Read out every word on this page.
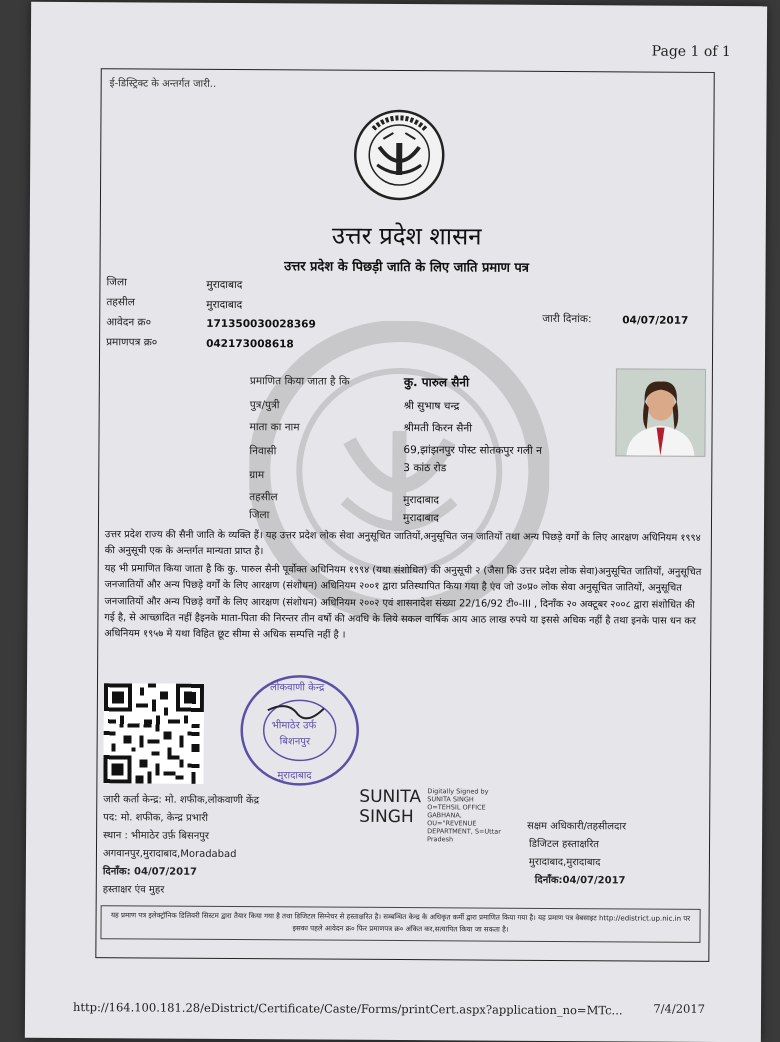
Page 1 of 1
ई-डिस्ट्रिक्ट के अन्तर्गत जारी..
उत्तर प्रदेश शासन
उत्तर प्रदेश के पिछड़ी जाति के लिए जाति प्रमाण पत्र
जिला	मुरादाबाद
तहसील	मुरादाबाद
आवेदन क्र०	171350030028369
प्रमाणपत्र क्र०	042173008618
जारी दिनांक:	04/07/2017
प्रमाणित किया जाता है कि	कु. पारुल सैनी
पुत्र/पुत्री	श्री सुभाष चन्द्र
माता का नाम	श्रीमती किरन सैनी
निवासी	69,झांझनपुर पोस्ट सोतकपुर गली न
3 कांठ रोड
ग्राम
तहसील	मुरादाबाद
जिला	मुरादाबाद
उत्तर प्रदेश राज्य की सैनी जाति के व्यक्ति हैं। यह उत्तर प्रदेश लोक सेवा अनुसूचित जातियों,अनुसूचित जन जातियों तथा अन्य पिछड़े वर्गों के लिए आरक्षण अधिनियम १९९४ की अनुसूची एक के अन्तर्गत मान्यता प्राप्त है।
यह भी प्रमाणित किया जाता है कि कु. पारुल सैनी पूर्वोक्त अधिनियम १९९४ (यथा संशोधित) की अनुसूची २ (जैसा कि उत्तर प्रदेश लोक सेवा)अनुसूचित जातियों, अनुसूचित जनजातियों और अन्य पिछड़े वर्गों के लिए आरक्षण (संशोधन) अधिनियम २००१ द्वारा प्रतिस्थापित किया गया है एंव जो उ०प्र० लोक सेवा अनुसूचित जातियों, अनुसूचित जनजातियों और अन्य पिछड़े वर्गों के लिए आरक्षण (संशोधन) अधिनियम २००२ एवं शासनादेश संख्या 22/16/92 टी०-III , दिनाँक २० अक्टूबर २००८ द्वारा संशोधित की गई है, से आच्छादित नहीं हैइनके माता-पिता की निरन्तर तीन वर्षो की अवधि के लिये सकल वार्षिक आय आठ लाख रुपये या इससे अधिक नहीं है तथा इनके पास धन कर अधिनियम १९५७ मे यथा विहित छूट सीमा से अधिक सम्पत्ति नहीं है ।
लोकवाणी केन्द्र
भीमाठेर उर्फ
बिशनपुर
मुरादाबाद
जारी कर्ता केन्द्र: मो. शफीक,लोकवाणी केंद्र
पद: मो. शफीक, केन्द्र प्रभारी
स्थान : भीमाठेर उर्फ़ बिसनपुर
अगवानपुर,मुरादाबाद,Moradabad
दिनाँक: 04/07/2017
हस्ताक्षर एंव मुहर
SUNITA
SINGH
Digitally Signed by
SUNITA SINGH
O=TEHSIL OFFICE
GABHANA,
OU="REVENUE
DEPARTMENT, S=Uttar
Pradesh
सक्षम अधिकारी/तहसीलदार
डिजिटल हस्ताक्षरित
मुरादाबाद,मुरादाबाद
दिनाँक:04/07/2017
यह प्रमाण पत्र इलेक्ट्रॉनिक डिलिवरी सिस्टम द्वारा तैयार किया गया है तथा डिजिटल सिग्नेचर से हस्ताक्षरित है। सम्बन्धित केन्द्र के अधिकृत कर्मी द्वारा प्रमाणित किया गया है। यह प्रमाण पत्र वेबसाइट http://edistrict.up.nic.in पर इसका पहले आवेदन क्र० फिर प्रमाणपत्र क्र० अंकित कर,सत्यापित किया जा सकता है।
http://164.100.181.28/eDistrict/Certificate/Caste/Forms/printCert.aspx?application_no=MTc...	7/4/2017
